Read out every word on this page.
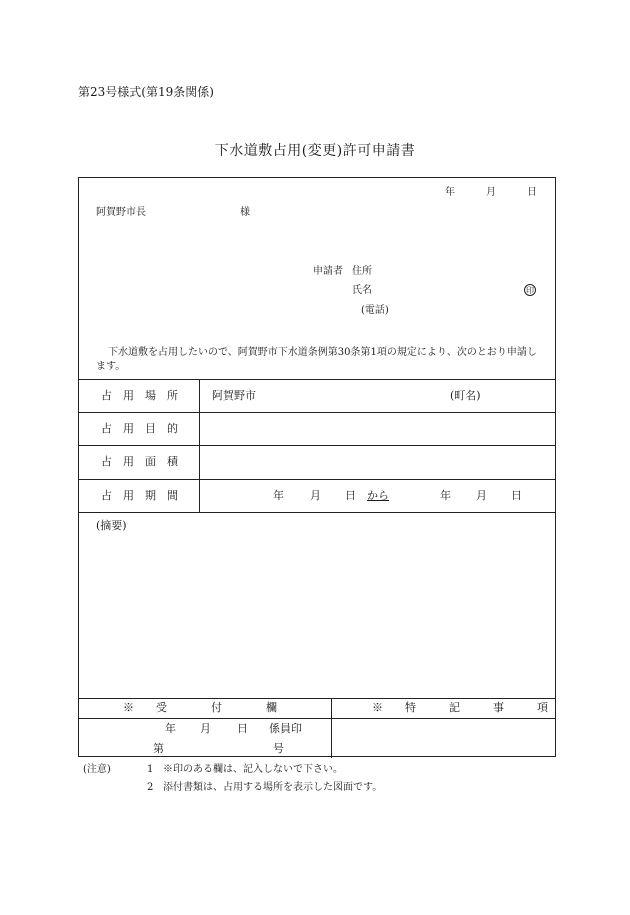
第23号様式(第19条関係)
下水道敷占用(変更)許可申請書
年	月	日
阿賀野市長	様
申請者 住所
氏名	印
(電話)
下水道敷を占用したいので、阿賀野市下水道条例第30条第1項の規定により、次のとおり申請します。
占　用　場　所	阿賀野市	(町名)
占　用　目　的
占　用　面　積
占　用　期　間	年 月 日 から	年 月 日
(摘要)
※　　受　　　　付　　　　欄	※　　特　　　記　　　事　　　項
年 月 日 係員印
第	号
(注意)	1 ※印のある欄は、記入しないで下さい。
2 添付書類は、占用する場所を表示した図面です。
